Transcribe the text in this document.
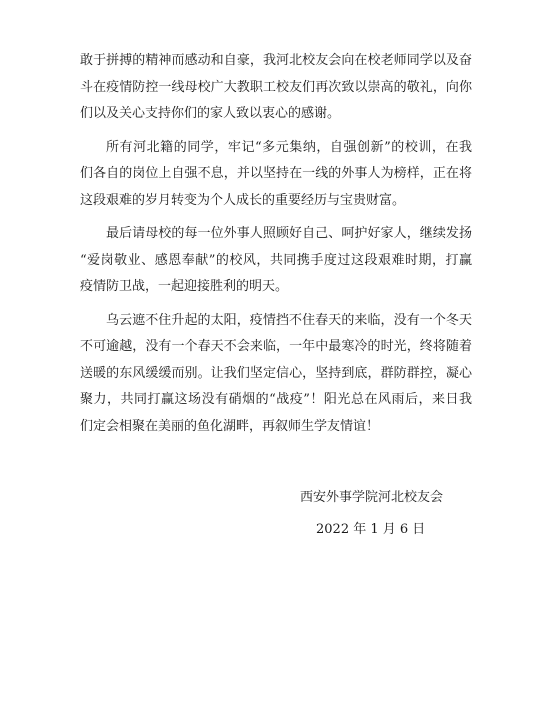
敢于拼搏的精神而感动和自豪，我河北校友会向在校老师同学以及奋
斗在疫情防控一线母校广大教职工校友们再次致以崇高的敬礼，向你
们以及关心支持你们的家人致以衷心的感谢。
所有河北籍的同学，牢记“多元集纳，自强创新”的校训，在我
们各自的岗位上自强不息，并以坚持在一线的外事人为榜样，正在将
这段艰难的岁月转变为个人成长的重要经历与宝贵财富。
最后请母校的每一位外事人照顾好自己、呵护好家人，继续发扬
“爱岗敬业、感恩奉献”的校风，共同携手度过这段艰难时期，打赢
疫情防卫战，一起迎接胜利的明天。
乌云遮不住升起的太阳，疫情挡不住春天的来临，没有一个冬天
不可逾越，没有一个春天不会来临，一年中最寒冷的时光，终将随着
送暖的东风缓缓而别。让我们坚定信心，坚持到底，群防群控，凝心
聚力，共同打赢这场没有硝烟的“战疫”！阳光总在风雨后，来日我
们定会相聚在美丽的鱼化湖畔，再叙师生学友情谊！
西安外事学院河北校友会
2022 年 1 月 6 日
